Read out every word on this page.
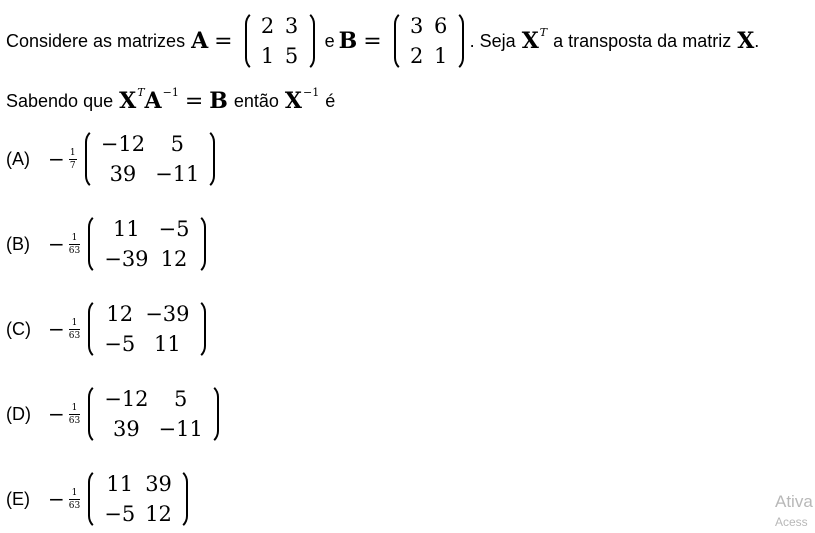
Considere as matrizes A =
2 3
1 5
e B =
3 6
2 1
. Seja X T a transposta da matriz X .
Sabendo que X T A −1 = B então X −1 é
$(A) - \frac{1}{7}$
−12	5
39 −11
$(B) - \frac{1}{63}$
11 −5
−39 12
$(C) - \frac{1}{63}$
12 −39
−5 11
$(D) - \frac{1}{63}$
−12	5
39 −11
$(E) - \frac{1}{63}$
11 39
−5 12
Ativa
Acess
